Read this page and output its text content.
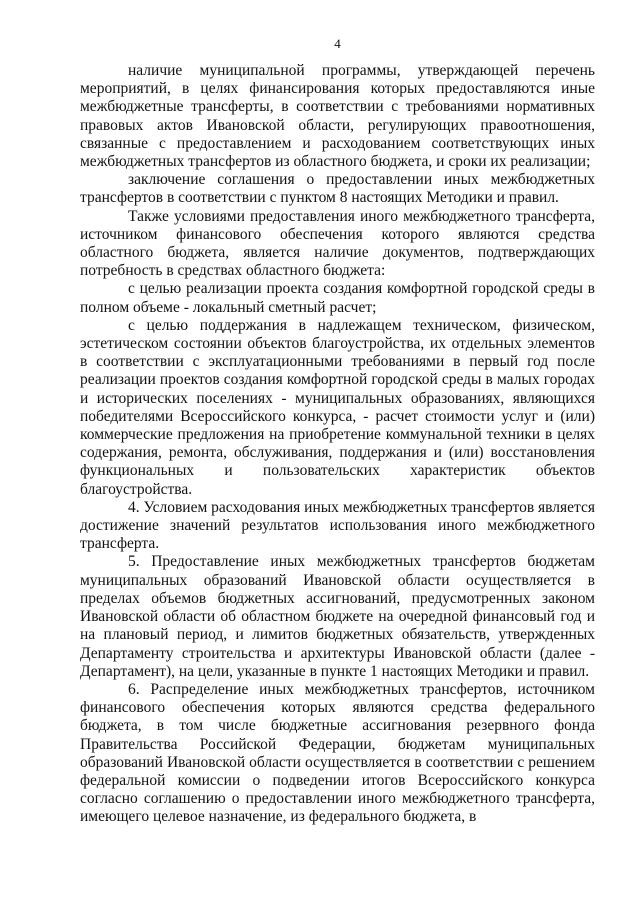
4

наличие муниципальной программы, утверждающей перечень мероприятий, в целях финансирования которых предоставляются иные межбюджетные трансферты, в соответствии с требованиями нормативных правовых актов Ивановской области, регулирующих правоотношения, связанные с предоставлением и расходованием соответствующих иных межбюджетных трансфертов из областного бюджета, и сроки их реализации;

заключение соглашения о предоставлении иных межбюджетных трансфертов в соответствии с пунктом 8 настоящих Методики и правил.

Также условиями предоставления иного межбюджетного трансферта, источником финансового обеспечения которого являются средства областного бюджета, является наличие документов, подтверждающих потребность в средствах областного бюджета:

с целью реализации проекта создания комфортной городской среды в полном объеме - локальный сметный расчет;

с целью поддержания в надлежащем техническом, физическом, эстетическом состоянии объектов благоустройства, их отдельных элементов в соответствии с эксплуатационными требованиями в первый год после реализации проектов создания комфортной городской среды в малых городах и исторических поселениях - муниципальных образованиях, являющихся победителями Всероссийского конкурса, - расчет стоимости услуг и (или) коммерческие предложения на приобретение коммунальной техники в целях содержания, ремонта, обслуживания, поддержания и (или) восстановления функциональных и пользовательских характеристик объектов благоустройства.

4. Условием расходования иных межбюджетных трансфертов является достижение значений результатов использования иного межбюджетного трансферта.

5. Предоставление иных межбюджетных трансфертов бюджетам муниципальных образований Ивановской области осуществляется в пределах объемов бюджетных ассигнований, предусмотренных законом Ивановской области об областном бюджете на очередной финансовый год и на плановый период, и лимитов бюджетных обязательств, утвержденных Департаменту строительства и архитектуры Ивановской области (далее - Департамент), на цели, указанные в пункте 1 настоящих Методики и правил.

6. Распределение иных межбюджетных трансфертов, источником финансового обеспечения которых являются средства федерального бюджета, в том числе бюджетные ассигнования резервного фонда Правительства Российской Федерации, бюджетам муниципальных образований Ивановской области осуществляется в соответствии с решением федеральной комиссии о подведении итогов Всероссийского конкурса согласно соглашению о предоставлении иного межбюджетного трансферта, имеющего целевое назначение, из федерального бюджета, в
